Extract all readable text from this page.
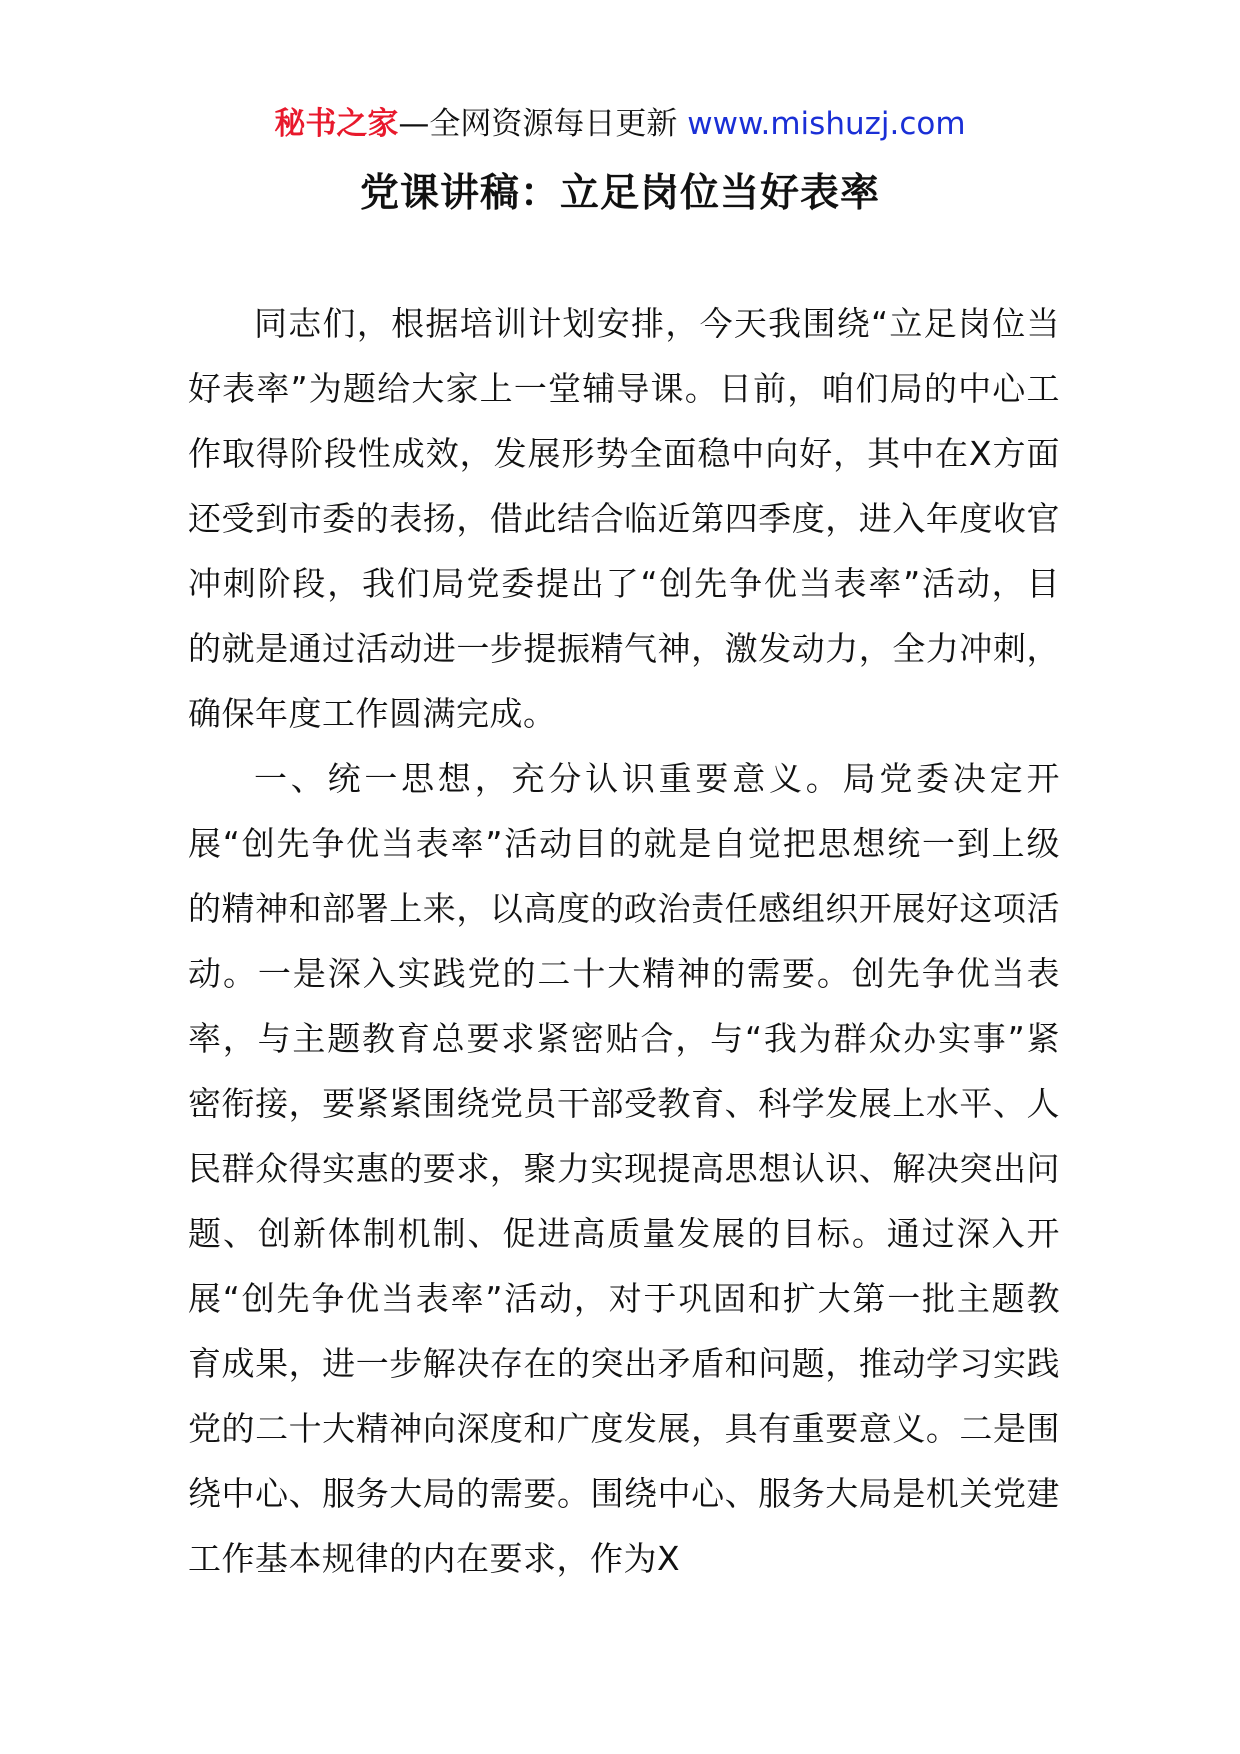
秘书之家—全网资源每日更新 www.mishuzj.com
党课讲稿：立足岗位当好表率

同志们，根据培训计划安排，今天我围绕“立足岗位当好表率”为题给大家上一堂辅导课。日前，咱们局的中心工作取得阶段性成效，发展形势全面稳中向好，其中在X方面还受到市委的表扬，借此结合临近第四季度，进入年度收官冲刺阶段，我们局党委提出了“创先争优当表率”活动，目的就是通过活动进一步提振精气神，激发动力，全力冲刺，确保年度工作圆满完成。

一、统一思想，充分认识重要意义。局党委决定开展“创先争优当表率”活动目的就是自觉把思想统一到上级的精神和部署上来，以高度的政治责任感组织开展好这项活动。一是深入实践党的二十大精神的需要。创先争优当表率，与主题教育总要求紧密贴合，与“我为群众办实事”紧密衔接，要紧紧围绕党员干部受教育、科学发展上水平、人民群众得实惠的要求，聚力实现提高思想认识、解决突出问题、创新体制机制、促进高质量发展的目标。通过深入开展“创先争优当表率”活动，对于巩固和扩大第一批主题教育成果，进一步解决存在的突出矛盾和问题，推动学习实践党的二十大精神向深度和广度发展，具有重要意义。二是围绕中心、服务大局的需要。围绕中心、服务大局是机关党建工作基本规律的内在要求，作为X
